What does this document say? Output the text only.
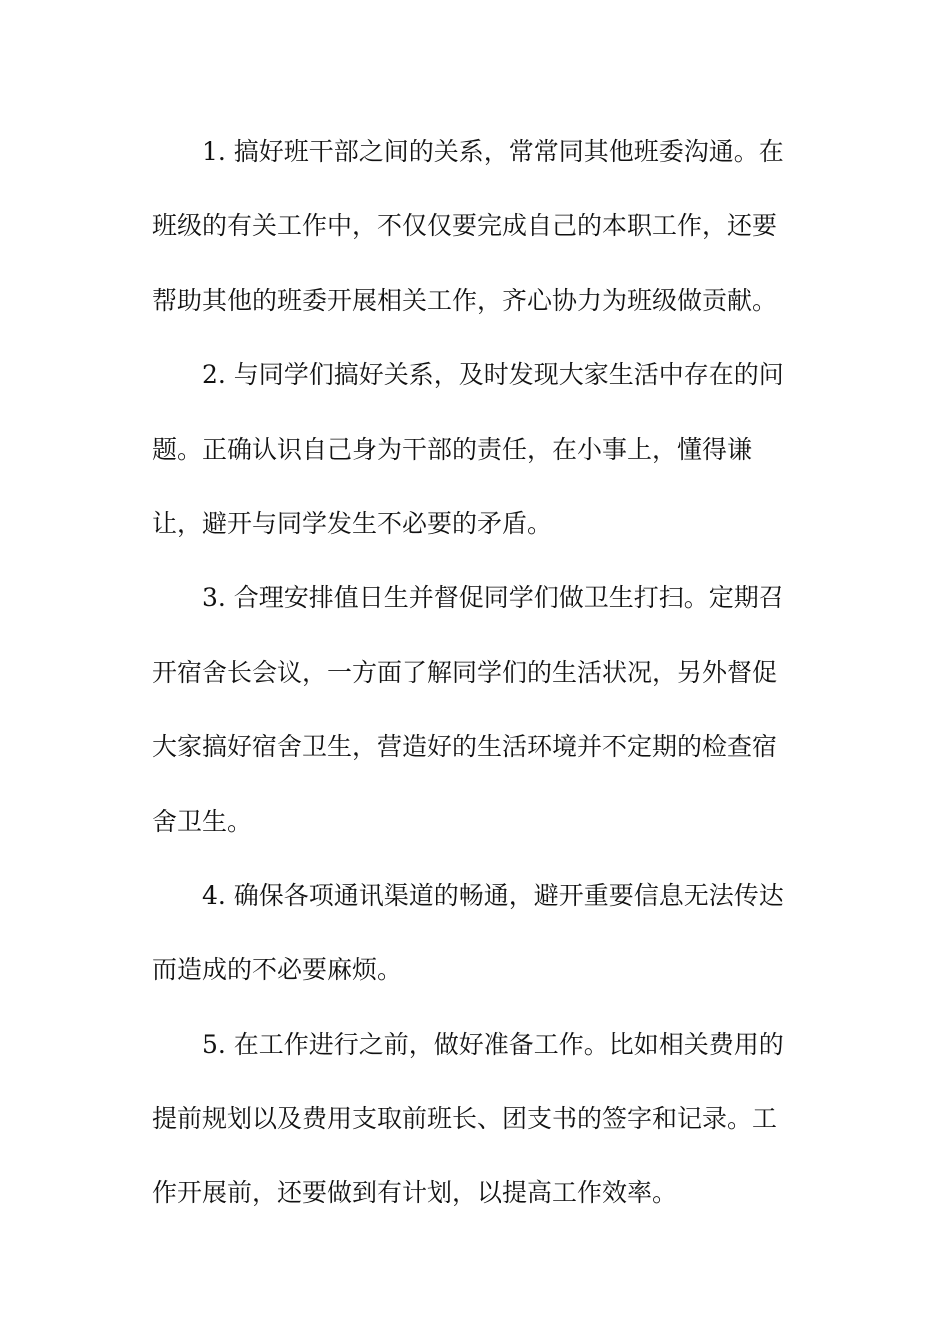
1. 搞好班干部之间的关系，常常同其他班委沟通。在
班级的有关工作中，不仅仅要完成自己的本职工作，还要
帮助其他的班委开展相关工作，齐心协力为班级做贡献。
2. 与同学们搞好关系，及时发现大家生活中存在的问
题。正确认识自己身为干部的责任，在小事上，懂得谦
让，避开与同学发生不必要的矛盾。
3. 合理安排值日生并督促同学们做卫生打扫。定期召
开宿舍长会议，一方面了解同学们的生活状况，另外督促
大家搞好宿舍卫生，营造好的生活环境并不定期的检查宿
舍卫生。
4. 确保各项通讯渠道的畅通，避开重要信息无法传达
而造成的不必要麻烦。
5. 在工作进行之前，做好准备工作。比如相关费用的
提前规划以及费用支取前班长、团支书的签字和记录。工
作开展前，还要做到有计划，以提高工作效率。
